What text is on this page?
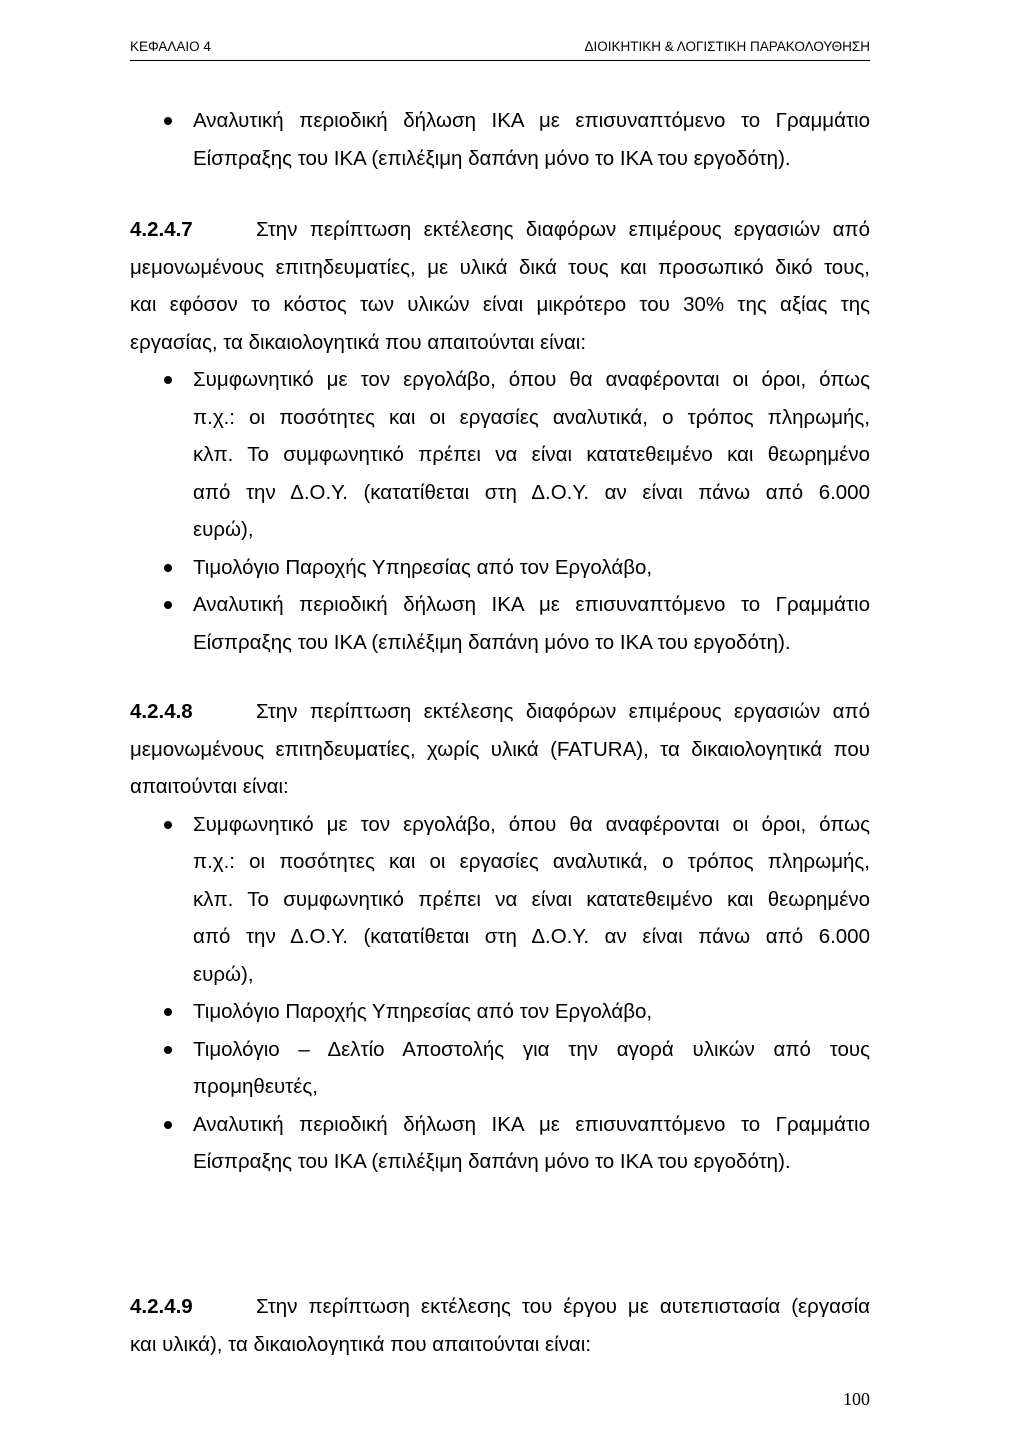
ΚΕΦΑΛΑΙΟ 4	ΔΙΟΙΚΗΤΙΚΗ & ΛΟΓΙΣΤΙΚΗ ΠΑΡΑΚΟΛΟΥΘΗΣΗ
Αναλυτική περιοδική δήλωση ΙΚΑ με επισυναπτόμενο το Γραμμάτιο
Είσπραξης του ΙΚΑ (επιλέξιμη δαπάνη μόνο το ΙΚΑ του εργοδότη).
4.2.4.7	Στην περίπτωση εκτέλεσης διαφόρων επιμέρους εργασιών από
μεμονωμένους επιτηδευματίες, με υλικά δικά τους και προσωπικό δικό τους,
και εφόσον το κόστος των υλικών είναι μικρότερο του 30% της αξίας της
εργασίας, τα δικαιολογητικά που απαιτούνται είναι:
Συμφωνητικό με τον εργολάβο, όπου θα αναφέρονται οι όροι, όπως
π.χ.: οι ποσότητες και οι εργασίες αναλυτικά, ο τρόπος πληρωμής,
κλπ. Το συμφωνητικό πρέπει να είναι κατατεθειμένο και θεωρημένο
από την Δ.Ο.Υ. (κατατίθεται στη Δ.Ο.Υ. αν είναι πάνω από 6.000
ευρώ),
Τιμολόγιο Παροχής Υπηρεσίας από τον Εργολάβο,
Αναλυτική περιοδική δήλωση ΙΚΑ με επισυναπτόμενο το Γραμμάτιο
Είσπραξης του ΙΚΑ (επιλέξιμη δαπάνη μόνο το ΙΚΑ του εργοδότη).
4.2.4.8	Στην περίπτωση εκτέλεσης διαφόρων επιμέρους εργασιών από
μεμονωμένους επιτηδευματίες, χωρίς υλικά (FATURA), τα δικαιολογητικά που
απαιτούνται είναι:
Συμφωνητικό με τον εργολάβο, όπου θα αναφέρονται οι όροι, όπως
π.χ.: οι ποσότητες και οι εργασίες αναλυτικά, ο τρόπος πληρωμής,
κλπ. Το συμφωνητικό πρέπει να είναι κατατεθειμένο και θεωρημένο
από την Δ.Ο.Υ. (κατατίθεται στη Δ.Ο.Υ. αν είναι πάνω από 6.000
ευρώ),
Τιμολόγιο Παροχής Υπηρεσίας από τον Εργολάβο,
Τιμολόγιο – Δελτίο Αποστολής για την αγορά υλικών από τους
προμηθευτές,
Αναλυτική περιοδική δήλωση ΙΚΑ με επισυναπτόμενο το Γραμμάτιο
Είσπραξης του ΙΚΑ (επιλέξιμη δαπάνη μόνο το ΙΚΑ του εργοδότη).
4.2.4.9	Στην περίπτωση εκτέλεσης του έργου με αυτεπιστασία (εργασία
και υλικά), τα δικαιολογητικά που απαιτούνται είναι:
100
